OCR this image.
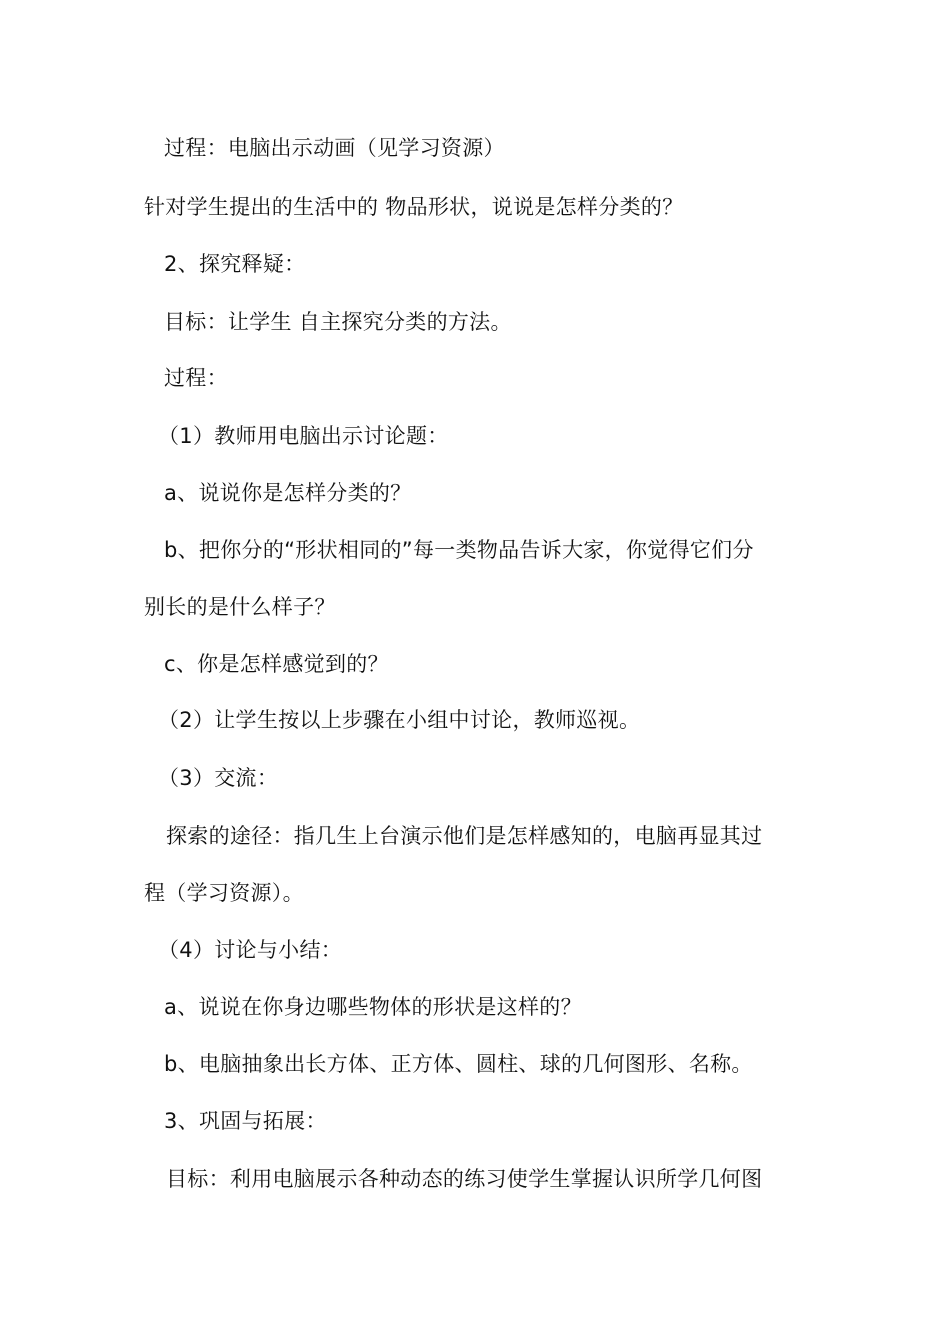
过程：电脑出示动画（见学习资源）
针对学生提出的生活中的 物品形状，说说是怎样分类的？
2、探究释疑：
目标：让学生 自主探究分类的方法。
过程：
（1）教师用电脑出示讨论题：
a、说说你是怎样分类的？
b、把你分的“形状相同的”每一类物品告诉大家，你觉得它们分
别长的是什么样子？
c、你是怎样感觉到的？
（2）让学生按以上步骤在小组中讨论，教师巡视。
（3）交流：
探索的途径：指几生上台演示他们是怎样感知的，电脑再显其过
程（学习资源）。
（4）讨论与小结：
a、说说在你身边哪些物体的形状是这样的？
b、电脑抽象出长方体、正方体、圆柱、球的几何图形、名称。
3、巩固与拓展：
目标：利用电脑展示各种动态的练习使学生掌握认识所学几何图
